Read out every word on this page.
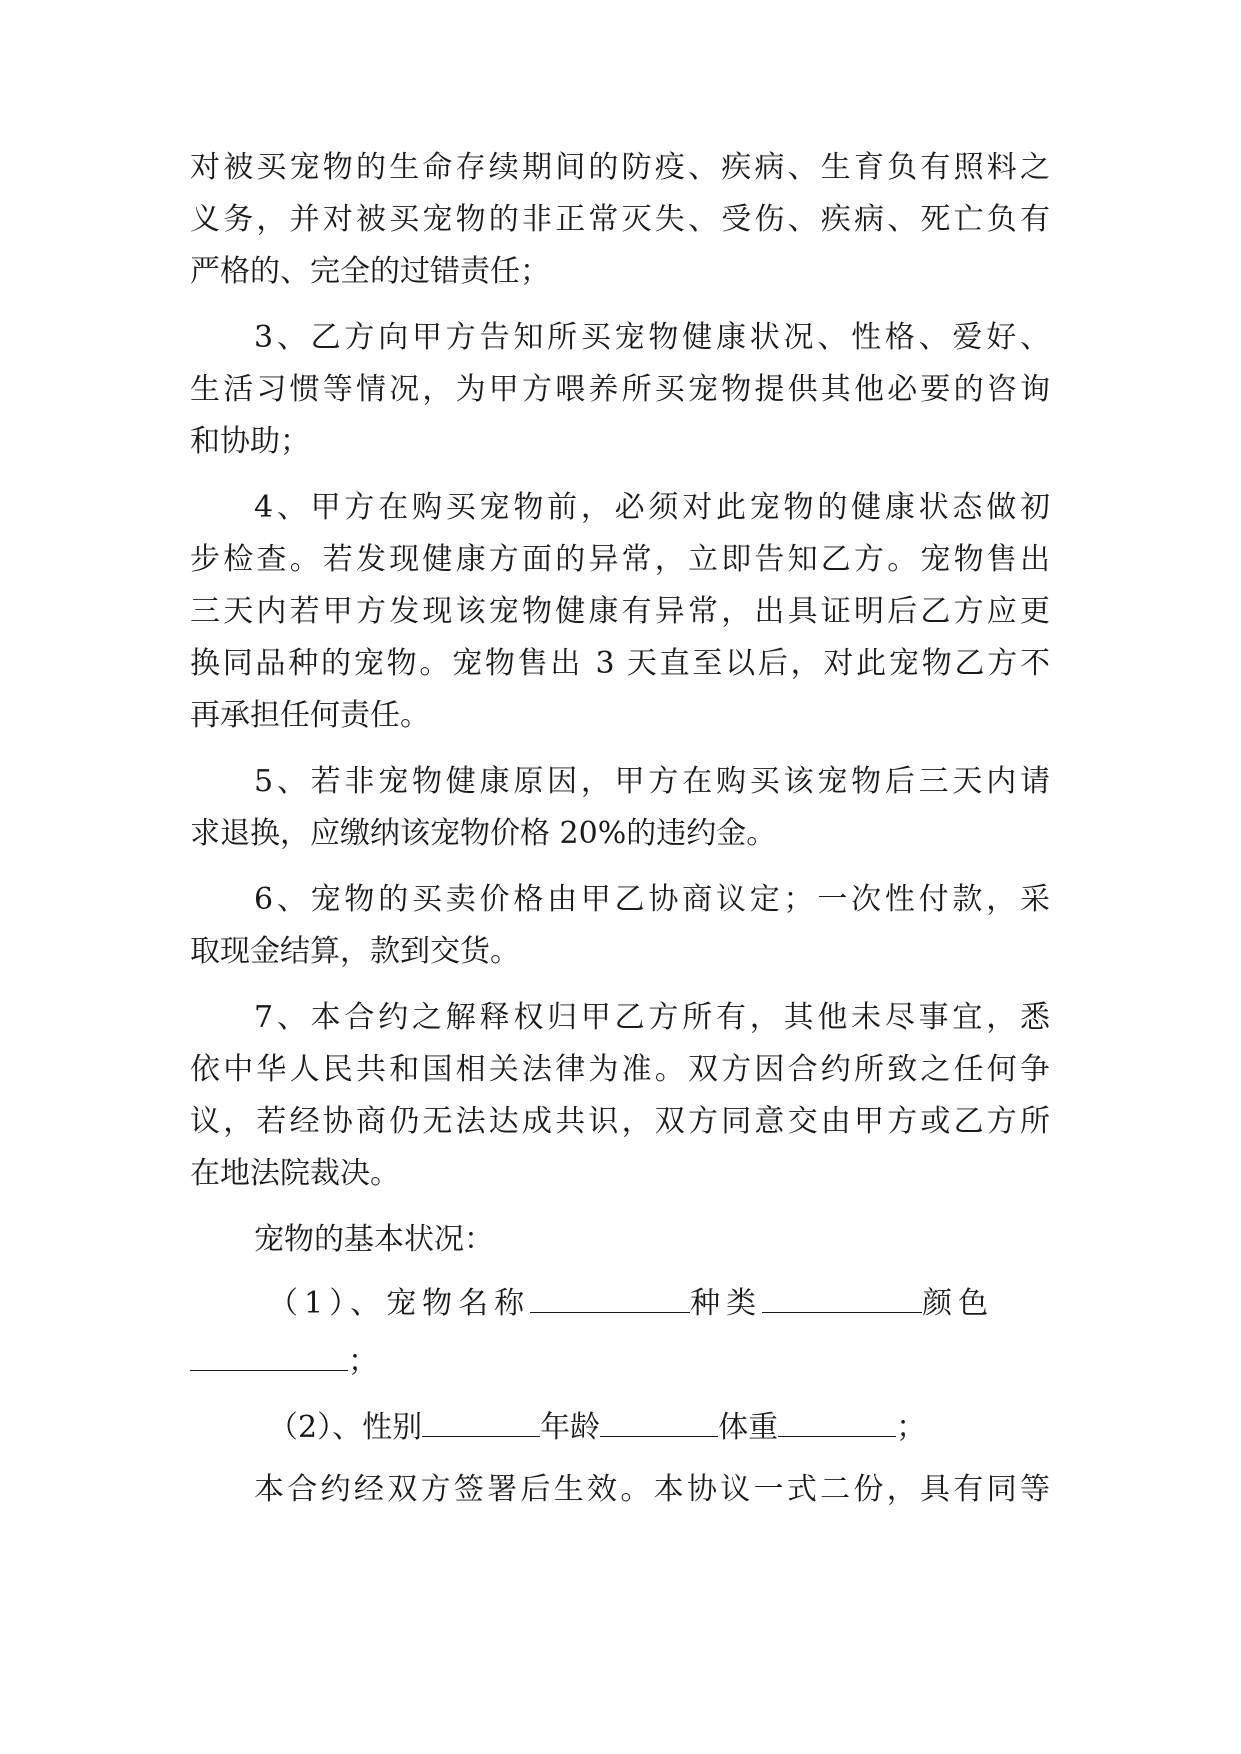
对被买宠物的生命存续期间的防疫、疾病、生育负有照料之
义务，并对被买宠物的非正常灭失、受伤、疾病、死亡负有
严格的、完全的过错责任；
3、乙方向甲方告知所买宠物健康状况、性格、爱好、
生活习惯等情况，为甲方喂养所买宠物提供其他必要的咨询
和协助；
4、甲方在购买宠物前，必须对此宠物的健康状态做初
步检查。若发现健康方面的异常，立即告知乙方。宠物售出
三天内若甲方发现该宠物健康有异常，出具证明后乙方应更
换同品种的宠物。宠物售出 3 天直至以后，对此宠物乙方不
再承担任何责任。
5、若非宠物健康原因，甲方在购买该宠物后三天内请
求退换，应缴纳该宠物价格 20%的违约金。
6、宠物的买卖价格由甲乙协商议定；一次性付款，采
取现金结算，款到交货。
7、本合约之解释权归甲乙方所有，其他未尽事宜，悉
依中华人民共和国相关法律为准。双方因合约所致之任何争
议，若经协商仍无法达成共识，双方同意交由甲方或乙方所
在地法院裁决。
宠物的基本状况：
（1）、宠物名称	种类	颜色
；
（2）、性别	年龄	体重	；
本合约经双方签署后生效。本协议一式二份，具有同等
